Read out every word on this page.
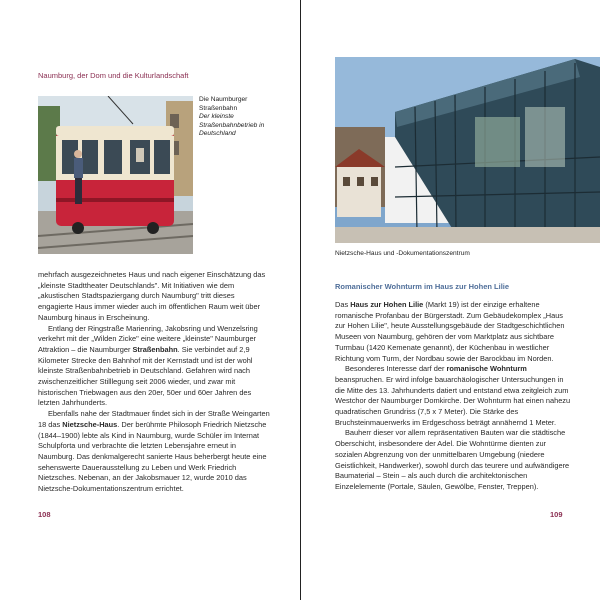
Naumburg, der Dom und die Kulturlandschaft
Die Naumburger
Straßenbahn
Der kleinste Straßenbahnbetrieb in Deutschland

mehrfach ausgezeichnetes Haus und nach eigener Einschätzung das „kleinste Stadttheater Deutschlands". Mit Initiativen wie dem „akustischen Stadtspaziergang durch Naumburg" tritt dieses engagierte Haus immer wieder auch im öffentlichen Raum weit über Naumburg hinaus in Erscheinung.

Entlang der Ringstraße Marienring, Jakobsring und Wenzelsring verkehrt mit der „Wilden Zicke" eine weitere „kleinste" Naumburger Attraktion – die Naumburger Straßenbahn. Sie verbindet auf 2,9 Kilometer Strecke den Bahnhof mit der Kernstadt und ist der wohl kleinste Straßenbahnbetrieb in Deutschland. Gefahren wird nach zwischenzeitlicher Stilllegung seit 2006 wieder, und zwar mit historischen Triebwagen aus den 20er, 50er und 60er Jahren des letzten Jahrhunderts.

Ebenfalls nahe der Stadtmauer findet sich in der Straße Weingarten 18 das Nietzsche-Haus. Der berühmte Philosoph Friedrich Nietzsche (1844–1900) lebte als Kind in Naumburg, wurde Schüler im Internat Schulpforta und verbrachte die letzten Lebensjahre erneut in Naumburg. Das denkmalgerecht sanierte Haus beherbergt heute eine sehenswerte Dauerausstellung zu Leben und Werk Friedrich Nietzsches. Nebenan, an der Jakobsmauer 12, wurde 2010 das Nietzsche-Dokumentationszentrum errichtet.

108
Nietzsche-Haus und -Dokumentationszentrum
Romanischer Wohnturm im Haus zur Hohen Lilie

Das Haus zur Hohen Lilie (Markt 19) ist der einzige erhaltene romanische Profanbau der Bürgerstadt. Zum Gebäudekomplex „Haus zur Hohen Lilie", heute Ausstellungsgebäude der Stadtgeschichtlichen Museen von Naumburg, gehören der vom Marktplatz aus sichtbare Turmbau (1420 Kemenate genannt), der Küchenbau in westlicher Richtung vom Turm, der Nordbau sowie der Barockbau im Norden.

Besonderes Interesse darf der romanische Wohnturm beanspruchen. Er wird infolge bauarchäologischer Untersuchungen in die Mitte des 13. Jahrhunderts datiert und entstand etwa zeitgleich zum Westchor der Naumburger Domkirche. Der Wohnturm hat einen nahezu quadratischen Grundriss (7,5 x 7 Meter). Die Stärke des Bruchsteinmauerwerks im Erdgeschoss beträgt annähernd 1 Meter.

Bauherr dieser vor allem repräsentativen Bauten war die städtische Oberschicht, insbesondere der Adel. Die Wohntürme dienten zur sozialen Abgrenzung von der unmittelbaren Umgebung (niedere Geistlichkeit, Handwerker), sowohl durch das teurere und aufwändigere Baumaterial – Stein – als auch durch die architektonischen Einzelelemente (Portale, Säulen, Gewölbe, Fenster, Treppen).

109
